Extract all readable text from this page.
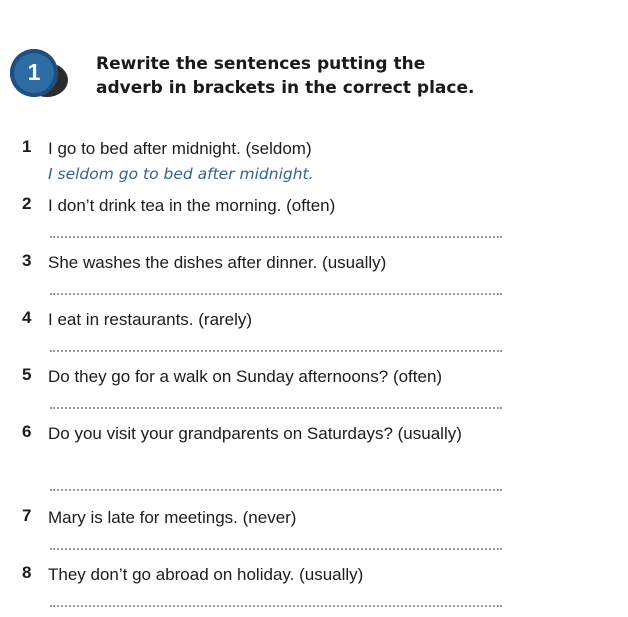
1	Rewrite the sentences putting the
adverb in brackets in the correct place.
1 I go to bed after midnight. (seldom)
I seldom go to bed after midnight.
2 I don’t drink tea in the morning. (often)
3 She washes the dishes after dinner. (usually)
4 I eat in restaurants. (rarely)
5 Do they go for a walk on Sunday afternoons? (often)
6 Do you visit your grandparents on Saturdays? (usually)
7 Mary is late for meetings. (never)
8 They don’t go abroad on holiday. (usually)
